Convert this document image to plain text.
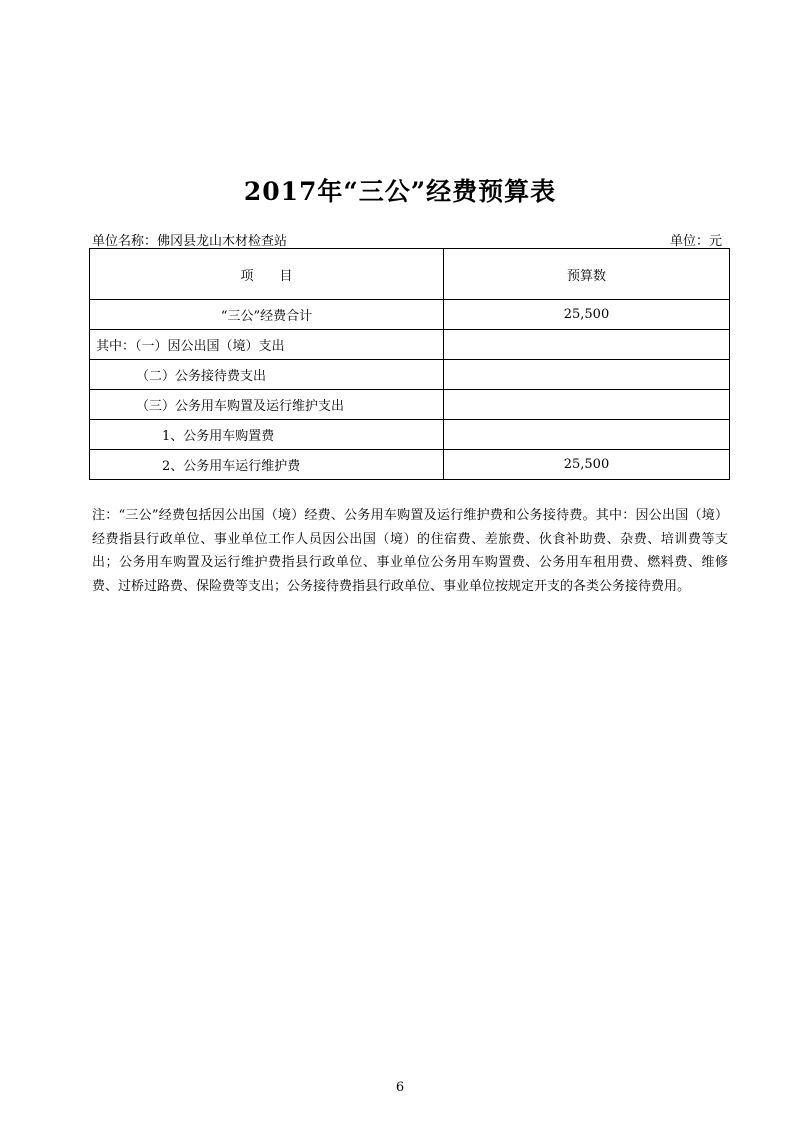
2017年“三公”经费预算表
单位名称：佛冈县龙山木材检查站	单位：元
项　　目	预算数
“三公”经费合计	25,500
其中：（一）因公出国（境）支出	
（二）公务接待费支出	
（三）公务用车购置及运行维护支出	
1、公务用车购置费	
2、公务用车运行维护费	25,500
注：“三公”经费包括因公出国（境）经费、公务用车购置及运行维护费和公务接待费。其中：因公出国（境）经费指县行政单位、事业单位工作人员因公出国（境）的住宿费、差旅费、伙食补助费、杂费、培训费等支出；公务用车购置及运行维护费指县行政单位、事业单位公务用车购置费、公务用车租用费、燃料费、维修费、过桥过路费、保险费等支出；公务接待费指县行政单位、事业单位按规定开支的各类公务接待费用。
6
